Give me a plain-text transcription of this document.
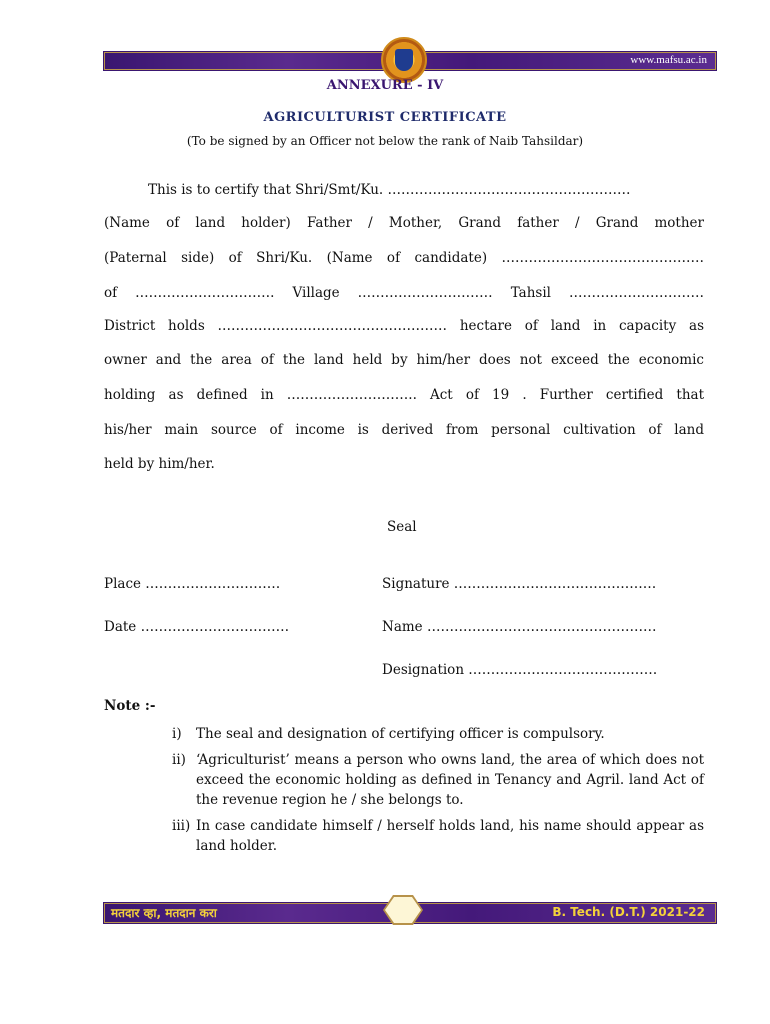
www.mafsu.ac.in
ANNEXURE - IV
AGRICULTURIST CERTIFICATE
(To be signed by an Officer not below the rank of Naib Tahsildar)
This is to certify that Shri/Smt/Ku. ………………………………………………
(Name of land holder) Father / Mother, Grand father / Grand mother
(Paternal side) of Shri/Ku. (Name of candidate) ………………………………………
of …………………………. Village ………………………… Tahsil …………………………
District holds …………………………………………… hectare of land in capacity as
owner and the area of the land held by him/her does not exceed the economic
holding as defined in ……………………….. Act of 19 . Further certified that
his/her main source of income is derived from personal cultivation of land
held by him/her.
Seal
Place …………………………	Signature ………………………………………
Date ……………………………	Name ……………………………………………
Designation ……………………………………
Note :-
i) The seal and designation of certifying officer is compulsory.
ii) ‘Agriculturist’ means a person who owns land, the area of which does not exceed the economic holding as defined in Tenancy and Agril. land Act of the revenue region he / she belongs to.
iii) In case candidate himself / herself holds land, his name should appear as land holder.
मतदार व्हा, मतदान करा	B. Tech. (D.T.) 2021-22
